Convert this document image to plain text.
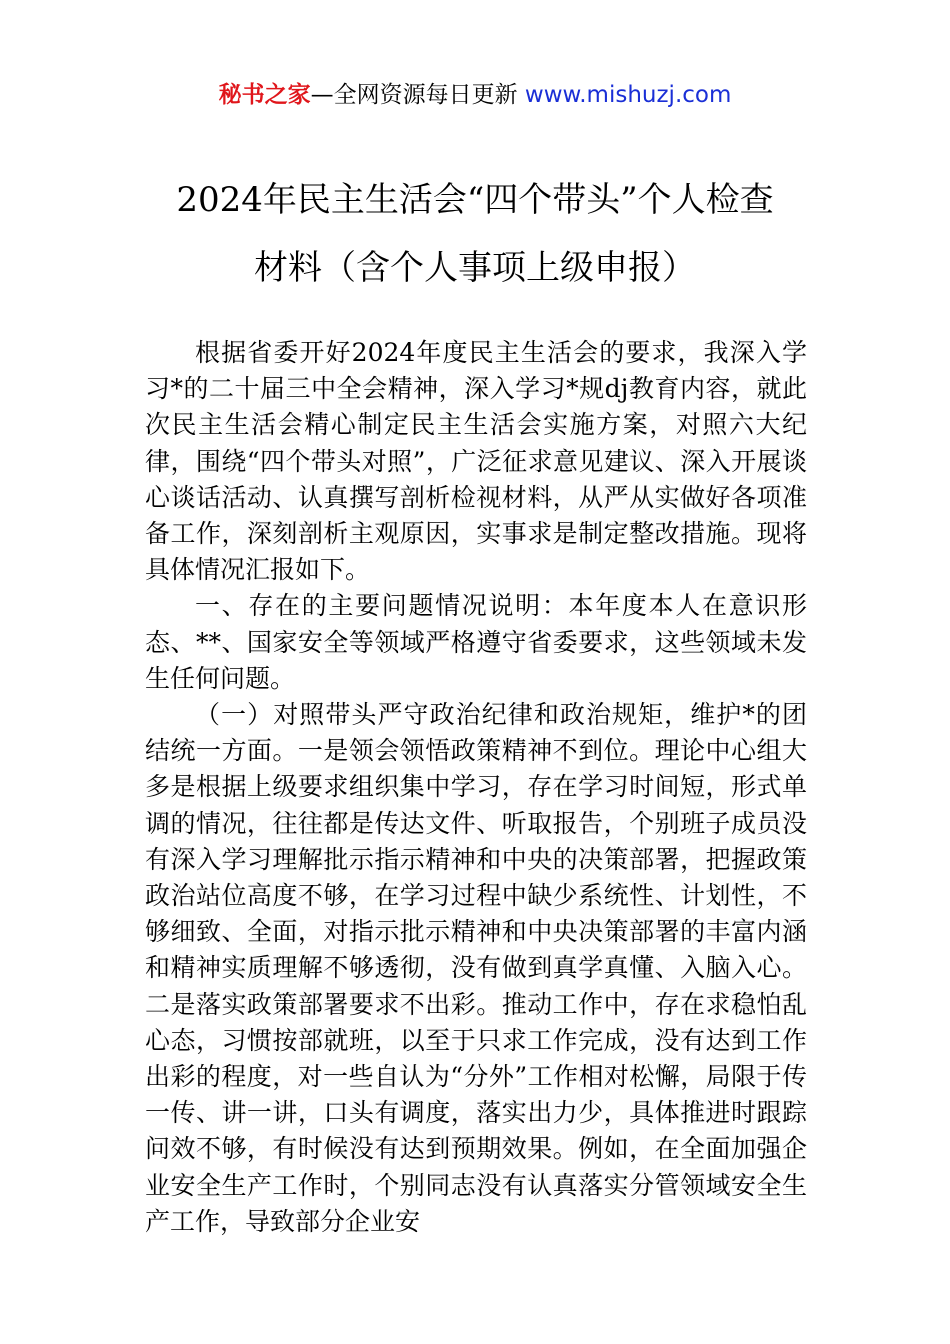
秘书之家—全网资源每日更新 www.mishuzj.com
2024年民主生活会“四个带头”个人检查
材料（含个人事项上级申报）

根据省委开好2024年度民主生活会的要求，我深入学习*的二十届三中全会精神，深入学习*规dj教育内容，就此次民主生活会精心制定民主生活会实施方案，对照六大纪律，围绕“四个带头对照”，广泛征求意见建议、深入开展谈心谈话活动、认真撰写剖析检视材料，从严从实做好各项准备工作，深刻剖析主观原因，实事求是制定整改措施。现将具体情况汇报如下。

一、存在的主要问题情况说明：本年度本人在意识形态、**、国家安全等领域严格遵守省委要求，这些领域未发生任何问题。

（一）对照带头严守政治纪律和政治规矩，维护*的团结统一方面。一是领会领悟政策精神不到位。理论中心组大多是根据上级要求组织集中学习，存在学习时间短，形式单调的情况，往往都是传达文件、听取报告，个别班子成员没有深入学习理解批示指示精神和中央的决策部署，把握政策政治站位高度不够，在学习过程中缺少系统性、计划性，不够细致、全面，对指示批示精神和中央决策部署的丰富内涵和精神实质理解不够透彻，没有做到真学真懂、入脑入心。二是落实政策部署要求不出彩。推动工作中，存在求稳怕乱心态，习惯按部就班，以至于只求工作完成，没有达到工作出彩的程度，对一些自认为“分外”工作相对松懈，局限于传一传、讲一讲，口头有调度，落实出力少，具体推进时跟踪问效不够，有时候没有达到预期效果。例如，在全面加强企业安全生产工作时，个别同志没有认真落实分管领域安全生产工作，导致部分企业安
